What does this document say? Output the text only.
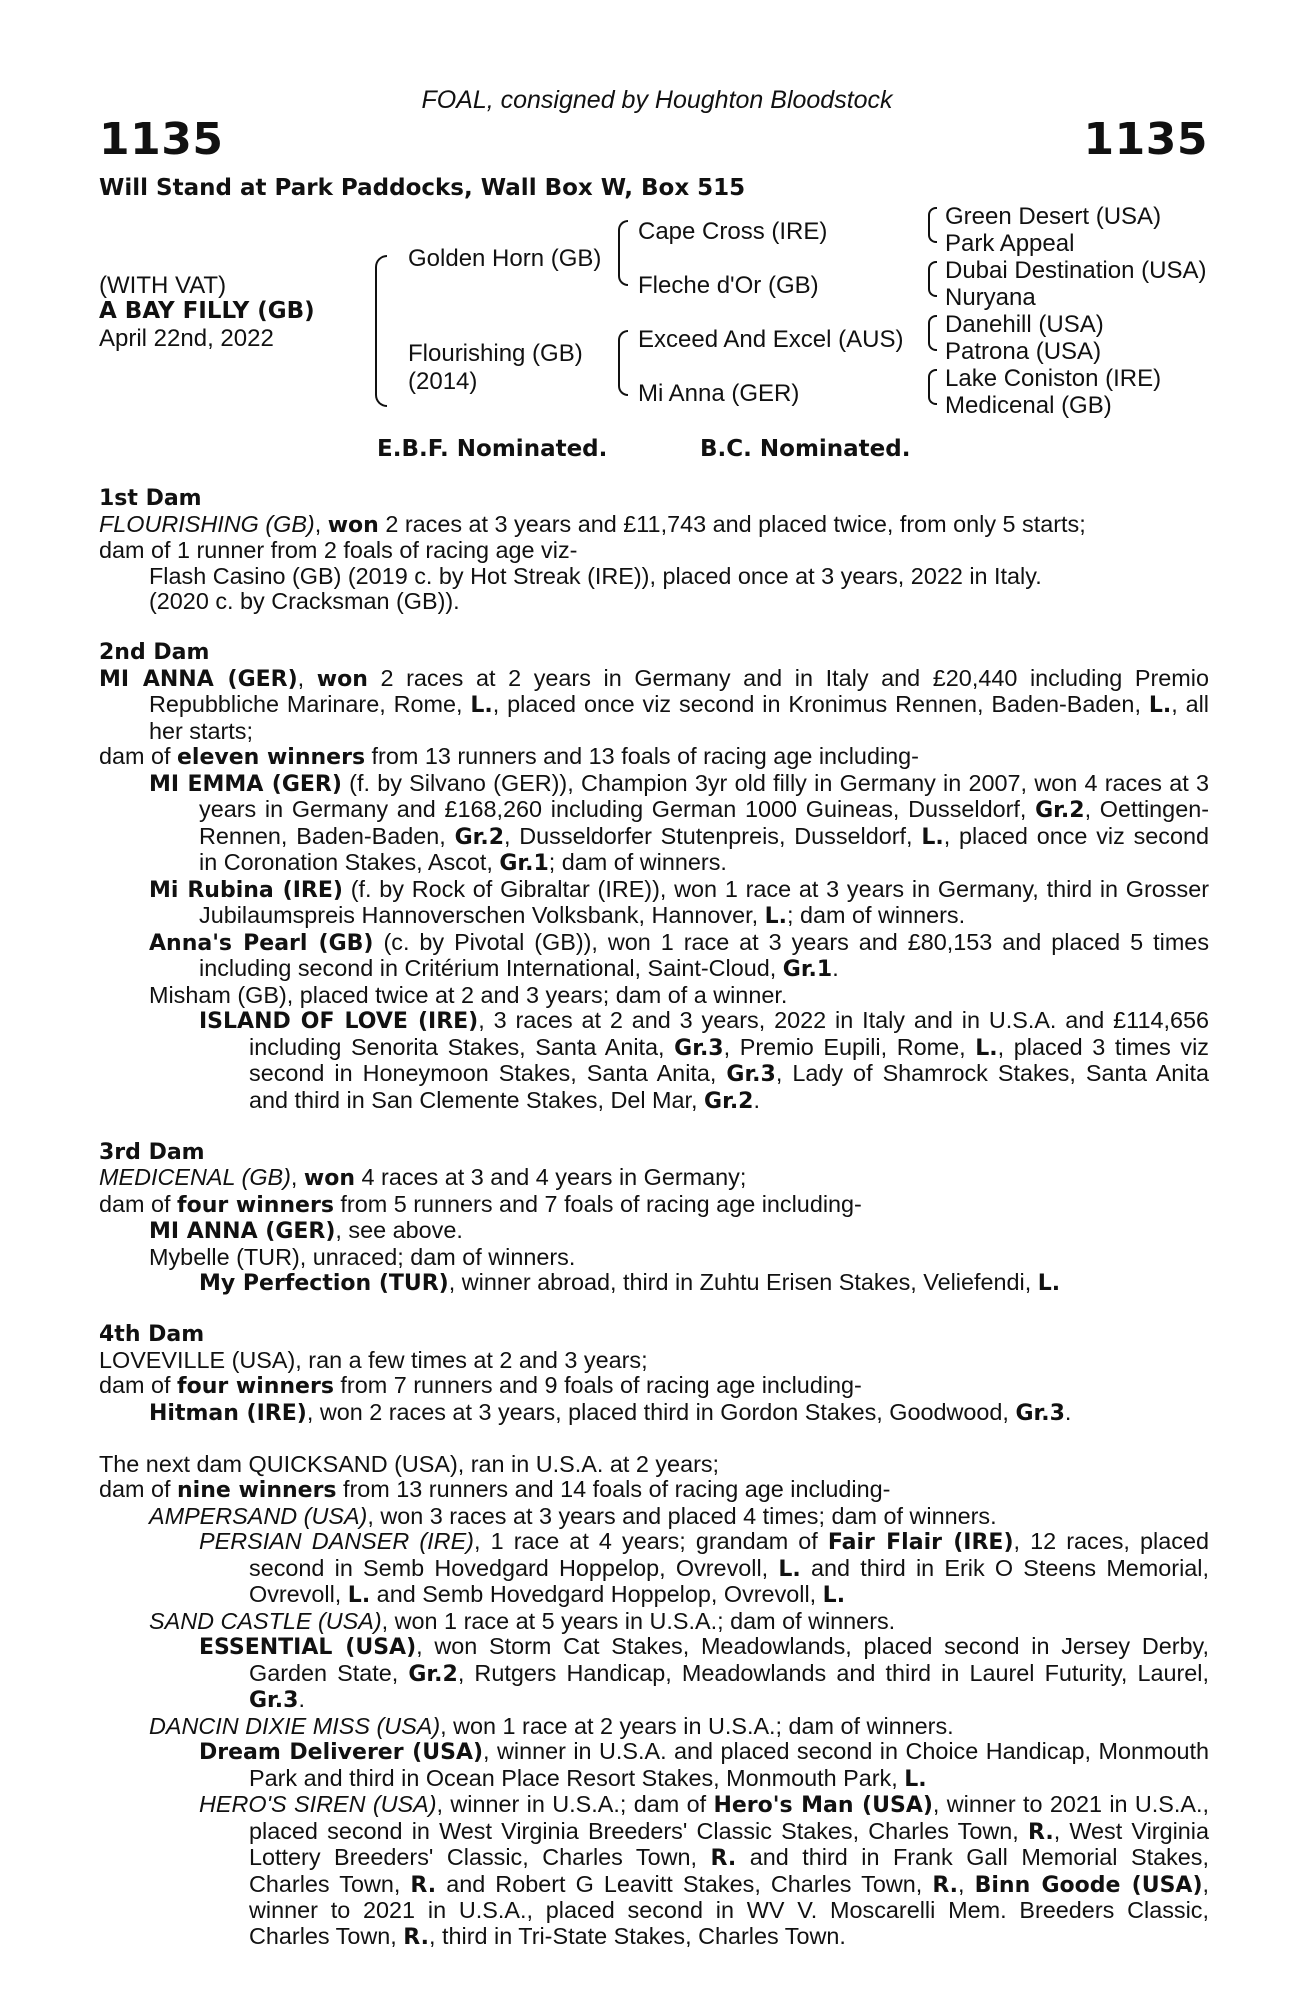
FOAL, consigned by Houghton Bloodstock
1135	1135
Will Stand at Park Paddocks, Wall Box W, Box 515
(WITH VAT)
A BAY FILLY (GB)
April 22nd, 2022
Golden Horn (GB)
Flourishing (GB)
(2014)
Cape Cross (IRE)
Fleche d'Or (GB)
Exceed And Excel (AUS)
Mi Anna (GER)
Green Desert (USA)
Park Appeal
Dubai Destination (USA)
Nuryana
Danehill (USA)
Patrona (USA)
Lake Coniston (IRE)
Medicenal (GB)
E.B.F. Nominated.	B.C. Nominated.

1st Dam

FLOURISHING (GB), won 2 races at 3 years and £11,743 and placed twice, from only 5 starts;

dam of 1 runner from 2 foals of racing age viz-

Flash Casino (GB) (2019 c. by Hot Streak (IRE)), placed once at 3 years, 2022 in Italy.

(2020 c. by Cracksman (GB)).

2nd Dam

MI ANNA (GER), won 2 races at 2 years in Germany and in Italy and £20,440 including Premio Repubbliche Marinare, Rome, L., placed once viz second in Kronimus Rennen, Baden-Baden, L., all her starts;

dam of eleven winners from 13 runners and 13 foals of racing age including-

MI EMMA (GER) (f. by Silvano (GER)), Champion 3yr old filly in Germany in 2007, won 4 races at 3 years in Germany and £168,260 including German 1000 Guineas, Dusseldorf, Gr.2, Oettingen-Rennen, Baden-Baden, Gr.2, Dusseldorfer Stutenpreis, Dusseldorf, L., placed once viz second in Coronation Stakes, Ascot, Gr.1; dam of winners.

Mi Rubina (IRE) (f. by Rock of Gibraltar (IRE)), won 1 race at 3 years in Germany, third in Grosser Jubilaumspreis Hannoverschen Volksbank, Hannover, L.; dam of winners.

Anna's Pearl (GB) (c. by Pivotal (GB)), won 1 race at 3 years and £80,153 and placed 5 times including second in Critérium International, Saint-Cloud, Gr.1.

Misham (GB), placed twice at 2 and 3 years; dam of a winner.

ISLAND OF LOVE (IRE), 3 races at 2 and 3 years, 2022 in Italy and in U.S.A. and £114,656 including Senorita Stakes, Santa Anita, Gr.3, Premio Eupili, Rome, L., placed 3 times viz second in Honeymoon Stakes, Santa Anita, Gr.3, Lady of Shamrock Stakes, Santa Anita and third in San Clemente Stakes, Del Mar, Gr.2.

3rd Dam

MEDICENAL (GB), won 4 races at 3 and 4 years in Germany;

dam of four winners from 5 runners and 7 foals of racing age including-

MI ANNA (GER), see above.

Mybelle (TUR), unraced; dam of winners.

My Perfection (TUR), winner abroad, third in Zuhtu Erisen Stakes, Veliefendi, L.

4th Dam

LOVEVILLE (USA), ran a few times at 2 and 3 years;

dam of four winners from 7 runners and 9 foals of racing age including-

Hitman (IRE), won 2 races at 3 years, placed third in Gordon Stakes, Goodwood, Gr.3.

The next dam QUICKSAND (USA), ran in U.S.A. at 2 years;

dam of nine winners from 13 runners and 14 foals of racing age including-

AMPERSAND (USA), won 3 races at 3 years and placed 4 times; dam of winners.

PERSIAN DANSER (IRE), 1 race at 4 years; grandam of Fair Flair (IRE), 12 races, placed second in Semb Hovedgard Hoppelop, Ovrevoll, L. and third in Erik O Steens Memorial, Ovrevoll, L. and Semb Hovedgard Hoppelop, Ovrevoll, L.

SAND CASTLE (USA), won 1 race at 5 years in U.S.A.; dam of winners.

ESSENTIAL (USA), won Storm Cat Stakes, Meadowlands, placed second in Jersey Derby, Garden State, Gr.2, Rutgers Handicap, Meadowlands and third in Laurel Futurity, Laurel, Gr.3.

DANCIN DIXIE MISS (USA), won 1 race at 2 years in U.S.A.; dam of winners.

Dream Deliverer (USA), winner in U.S.A. and placed second in Choice Handicap, Monmouth Park and third in Ocean Place Resort Stakes, Monmouth Park, L.

HERO'S SIREN (USA), winner in U.S.A.; dam of Hero's Man (USA), winner to 2021 in U.S.A., placed second in West Virginia Breeders' Classic Stakes, Charles Town, R., West Virginia Lottery Breeders' Classic, Charles Town, R. and third in Frank Gall Memorial Stakes, Charles Town, R. and Robert G Leavitt Stakes, Charles Town, R., Binn Goode (USA), winner to 2021 in U.S.A., placed second in WV V. Moscarelli Mem. Breeders Classic, Charles Town, R., third in Tri-State Stakes, Charles Town.
